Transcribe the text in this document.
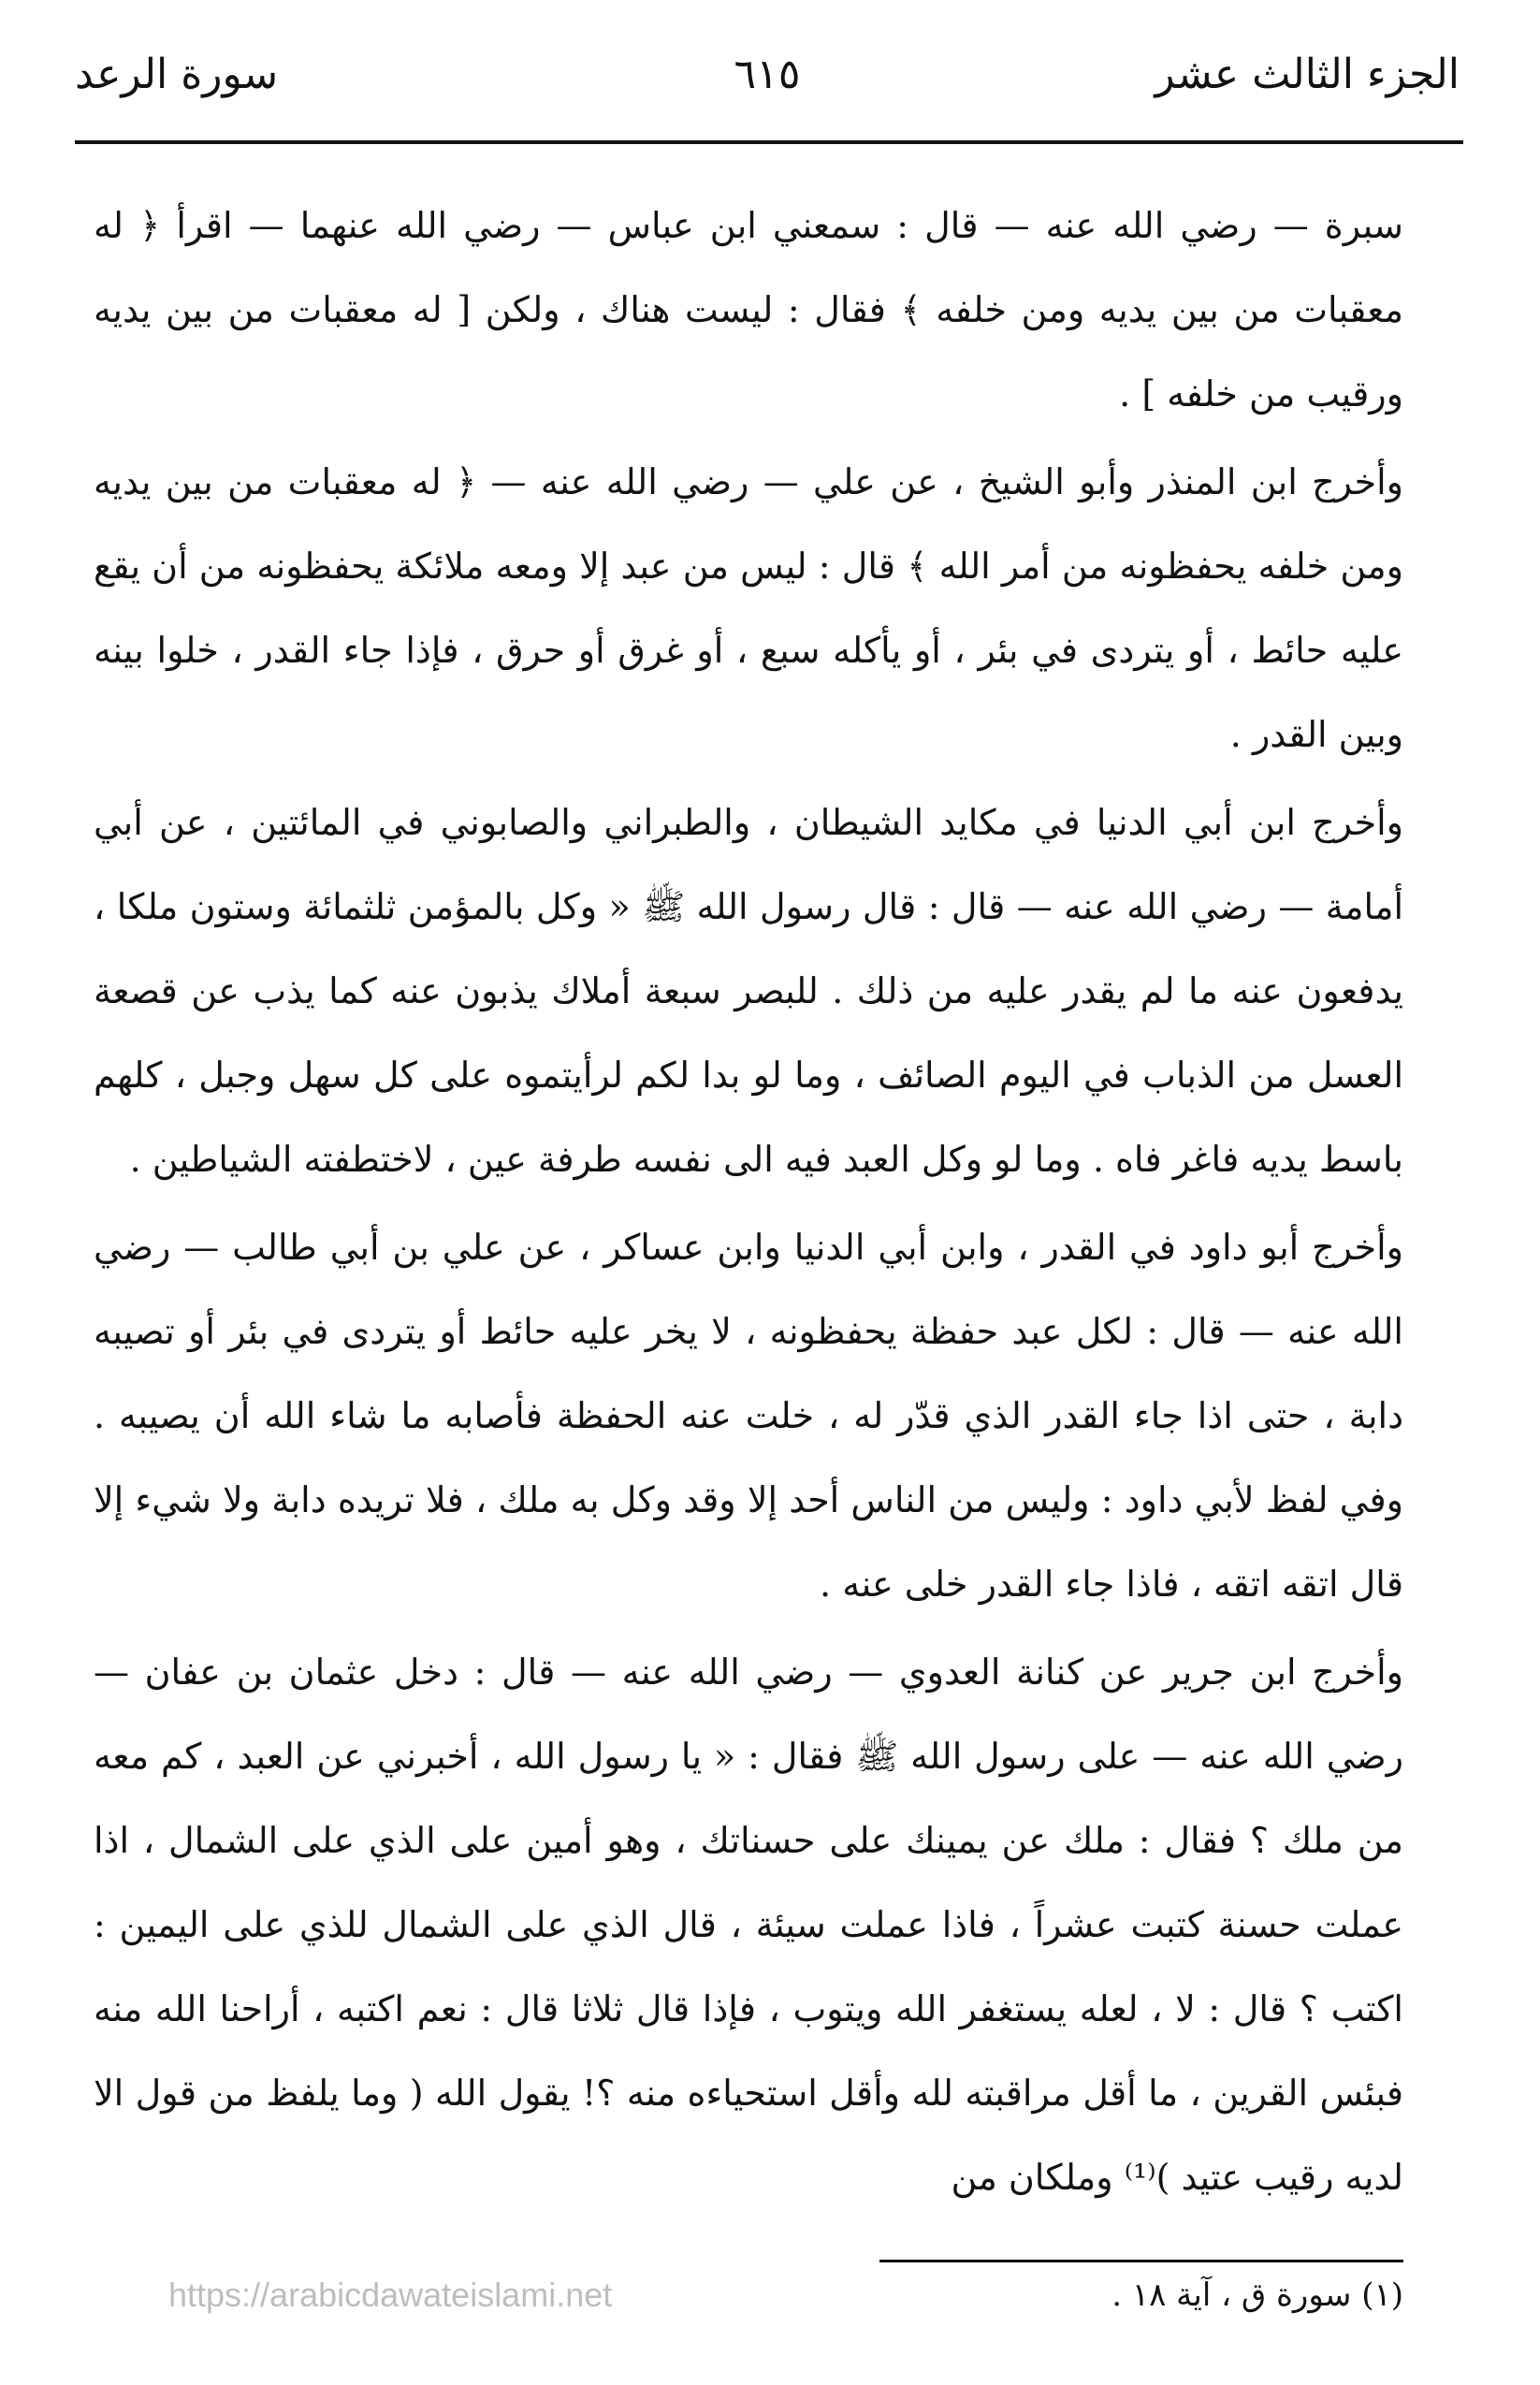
الجزء الثالث عشر
٦١٥
سورة الرعد

سبرة — رضي الله عنه — قال : سمعني ابن عباس — رضي الله عنهما — اقرأ ﴿ له معقبات من بين يديه ومن خلفه ﴾ فقال : ليست هناك ، ولكن [ له معقبات من بين يديه ورقيب من خلفه ] .

وأخرج ابن المنذر وأبو الشيخ ، عن علي — رضي الله عنه — ﴿ له معقبات من بين يديه ومن خلفه يحفظونه من أمر الله ﴾ قال : ليس من عبد إلا ومعه ملائكة يحفظونه من أن يقع عليه حائط ، أو يتردى في بئر ، أو يأكله سبع ، أو غرق أو حرق ، فإذا جاء القدر ، خلوا بينه وبين القدر .

وأخرج ابن أبي الدنيا في مكايد الشيطان ، والطبراني والصابوني في المائتين ، عن أبي أمامة — رضي الله عنه — قال : قال رسول الله ﷺ « وكل بالمؤمن ثلثمائة وستون ملكا ، يدفعون عنه ما لم يقدر عليه من ذلك . للبصر سبعة أملاك يذبون عنه كما يذب عن قصعة العسل من الذباب في اليوم الصائف ، وما لو بدا لكم لرأيتموه على كل سهل وجبل ، كلهم باسط يديه فاغر فاه . وما لو وكل العبد فيه الى نفسه طرفة عين ، لاختطفته الشياطين .

وأخرج أبو داود في القدر ، وابن أبي الدنيا وابن عساكر ، عن علي بن أبي طالب — رضي الله عنه — قال : لكل عبد حفظة يحفظونه ، لا يخر عليه حائط أو يتردى في بئر أو تصيبه دابة ، حتى اذا جاء القدر الذي قدّر له ، خلت عنه الحفظة فأصابه ما شاء الله أن يصيبه . وفي لفظ لأبي داود : وليس من الناس أحد إلا وقد وكل به ملك ، فلا تريده دابة ولا شيء إلا قال اتقه اتقه ، فاذا جاء القدر خلى عنه .

وأخرج ابن جرير عن كنانة العدوي — رضي الله عنه — قال : دخل عثمان بن عفان — رضي الله عنه — على رسول الله ﷺ فقال : « يا رسول الله ، أخبرني عن العبد ، كم معه من ملك ؟ فقال : ملك عن يمينك على حسناتك ، وهو أمين على الذي على الشمال ، اذا عملت حسنة كتبت عشراً ، فاذا عملت سيئة ، قال الذي على الشمال للذي على اليمين : اكتب ؟ قال : لا ، لعله يستغفر الله ويتوب ، فإذا قال ثلاثا قال : نعم اكتبه ، أراحنا الله منه فبئس القرين ، ما أقل مراقبته لله وأقل استحياءه منه ؟! يقول الله ( وما يلفظ من قول الا لديه رقيب عتيد )⁽¹⁾ وملكان من

(١) سورة ق ، آية ١٨ .
https://arabicdawateislami.net
